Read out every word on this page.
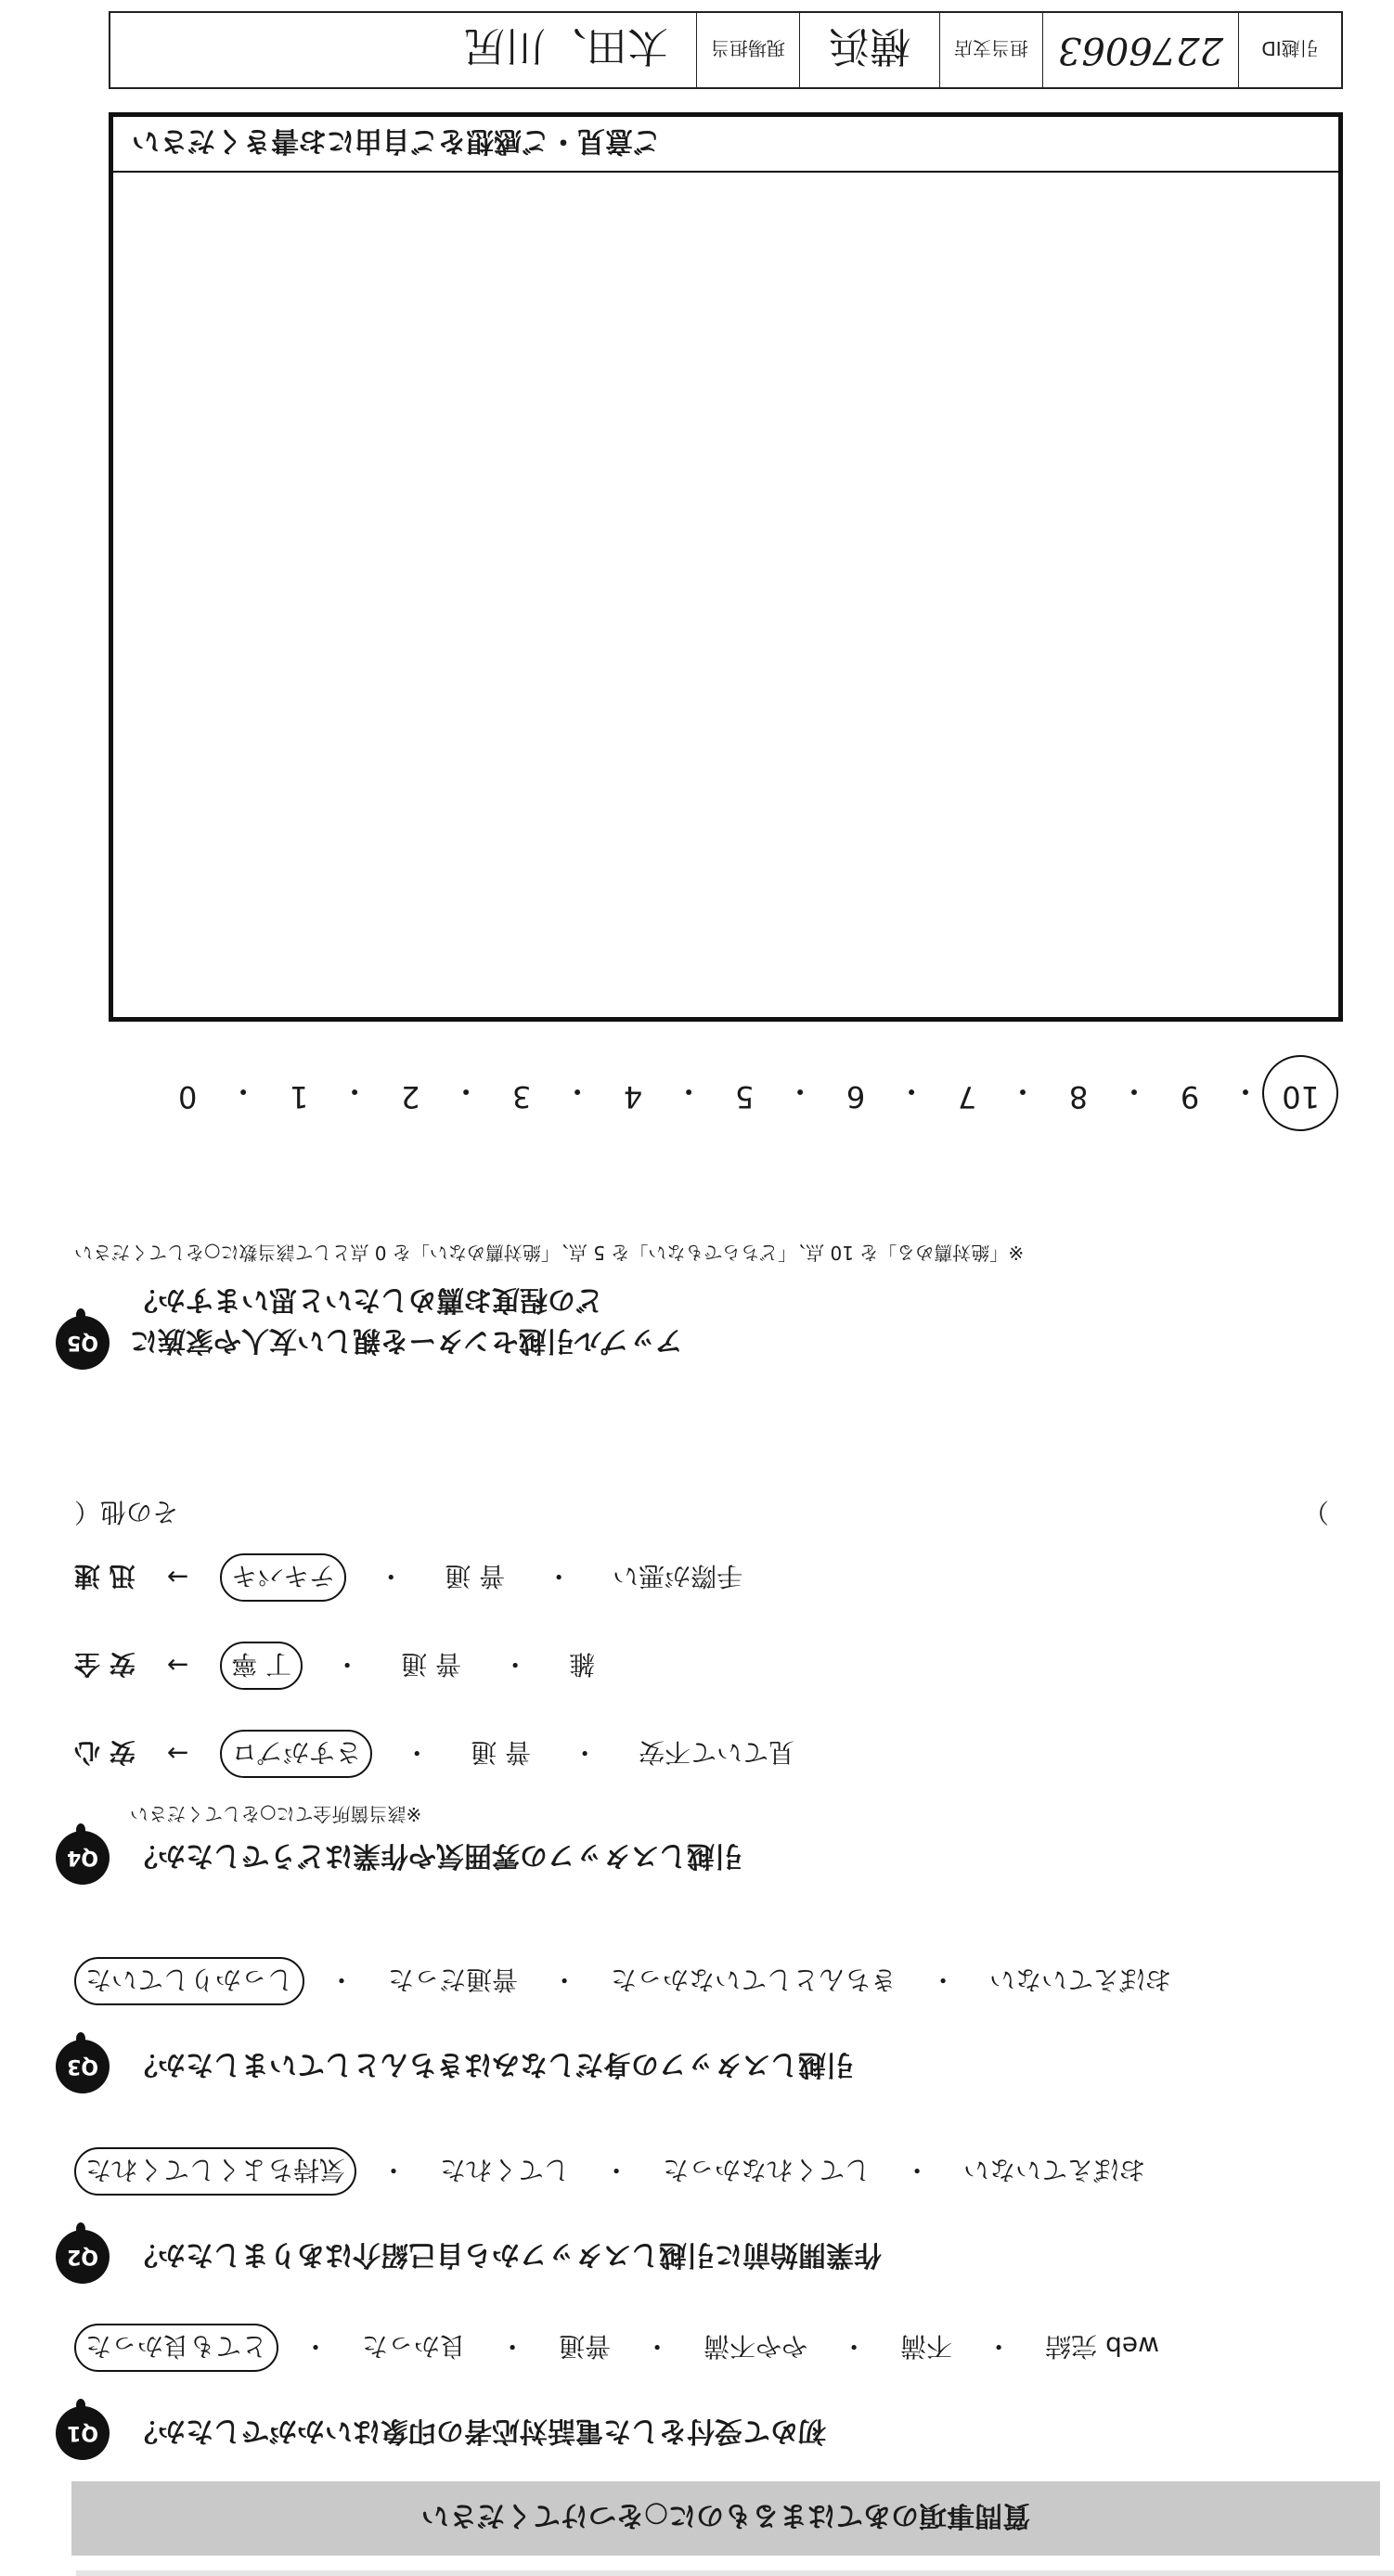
質問事項のあてはまるものに○をつけてください
Q1	初めて受付をした電話対応者の印象はいかがでしたか？
とても良かった	・	良かった	・	普通	・	やや不満	・	不満	・	web 完結
Q2	作業開始前に引越しスタッフから自己紹介はありましたか？
気持ちよくしてくれた	・	してくれた	・	してくれなかった	・	おぼえていない
Q3	引越しスタッフの身だしなみはきちんとしていましたか？
しっかりしていた	・	普通だった	・	きちんとしていなかった	・	おぼえていない
Q4	引越しスタッフの雰囲気や作業はどうでしたか？
※該当箇所全てに○をしてください
安 心 →	さすがプロ	・	普 通	・	見ていて不安
安 全 →	丁 寧	・	普 通	・	雑
迅 速 →	テキパキ	・	普 通	・	手際が悪い
その他（	）
Q5	アップル引越センターを親しい友人や家族に
どの程度お薦めしたいと思いますか？
※「絶対薦める」を 10 点、「どちらでもない」を 5 点、「絶対薦めない」を 0 点として該当数に○をしてください
10
・
9
・
8
・
7
・
6
・
5
・
4
・
3
・
2
・
1
・
0
ご意見・ご感想をご自由にお書きください
引越ID
2276063
担当支店
横浜
現場担当
太田、川尻
